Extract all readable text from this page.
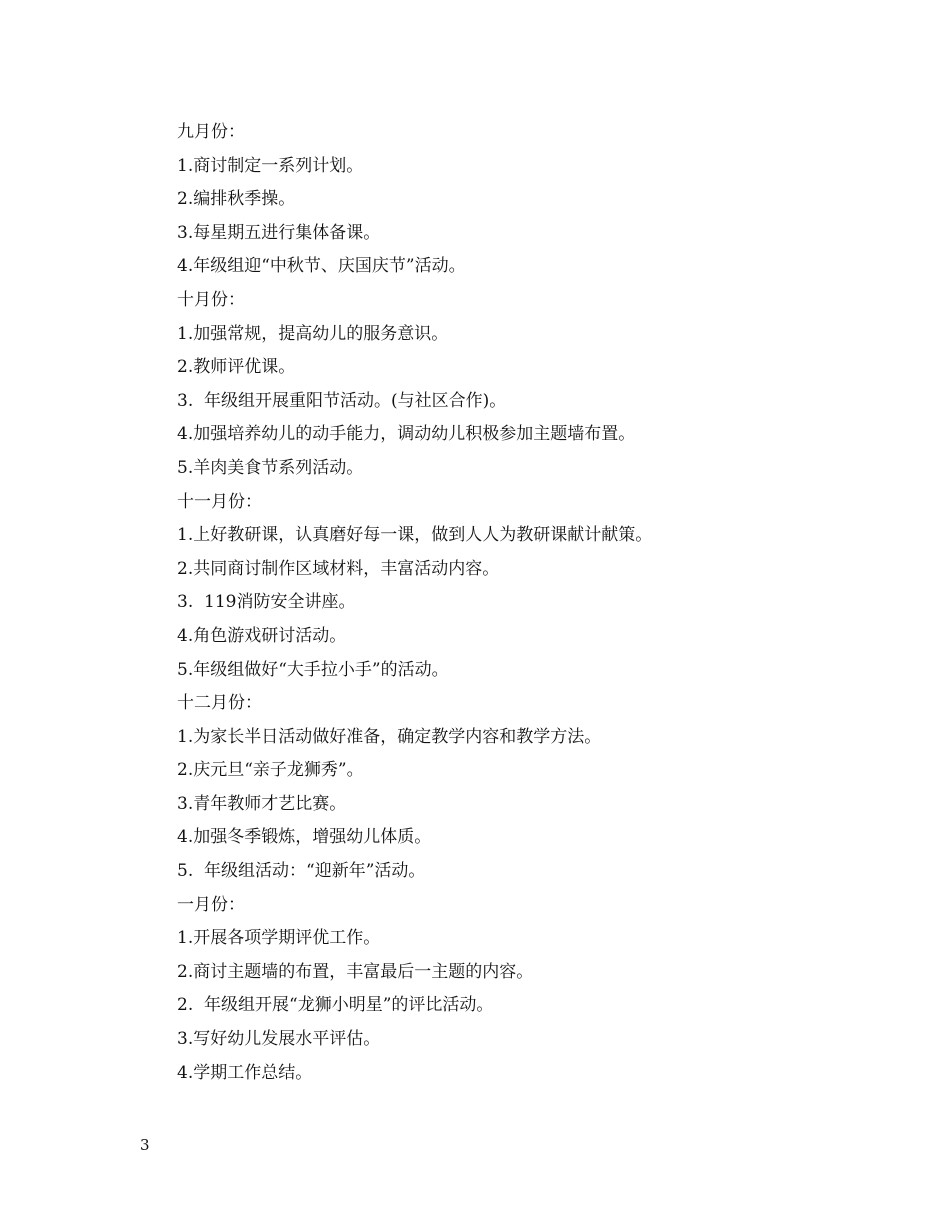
九月份：
1.商讨制定一系列计划。
2.编排秋季操。
3.每星期五进行集体备课。
4.年级组迎“中秋节、庆国庆节”活动。
十月份：
1.加强常规，提高幼儿的服务意识。
2.教师评优课。
3.  年级组开展重阳节活动。(与社区合作)。
4.加强培养幼儿的动手能力，调动幼儿积极参加主题墙布置。
5.羊肉美食节系列活动。
十一月份：
1.上好教研课，认真磨好每一课，做到人人为教研课献计献策。
2.共同商讨制作区域材料，丰富活动内容。
3.  119消防安全讲座。
4.角色游戏研讨活动。
5.年级组做好“大手拉小手”的活动。
十二月份：
1.为家长半日活动做好准备，确定教学内容和教学方法。
2.庆元旦“亲子龙狮秀”。
3.青年教师才艺比赛。
4.加强冬季锻炼，增强幼儿体质。
5.  年级组活动：“迎新年”活动。
一月份：
1.开展各项学期评优工作。
2.商讨主题墙的布置，丰富最后一主题的内容。
2.  年级组开展“龙狮小明星”的评比活动。
3.写好幼儿发展水平评估。
4.学期工作总结。
3
